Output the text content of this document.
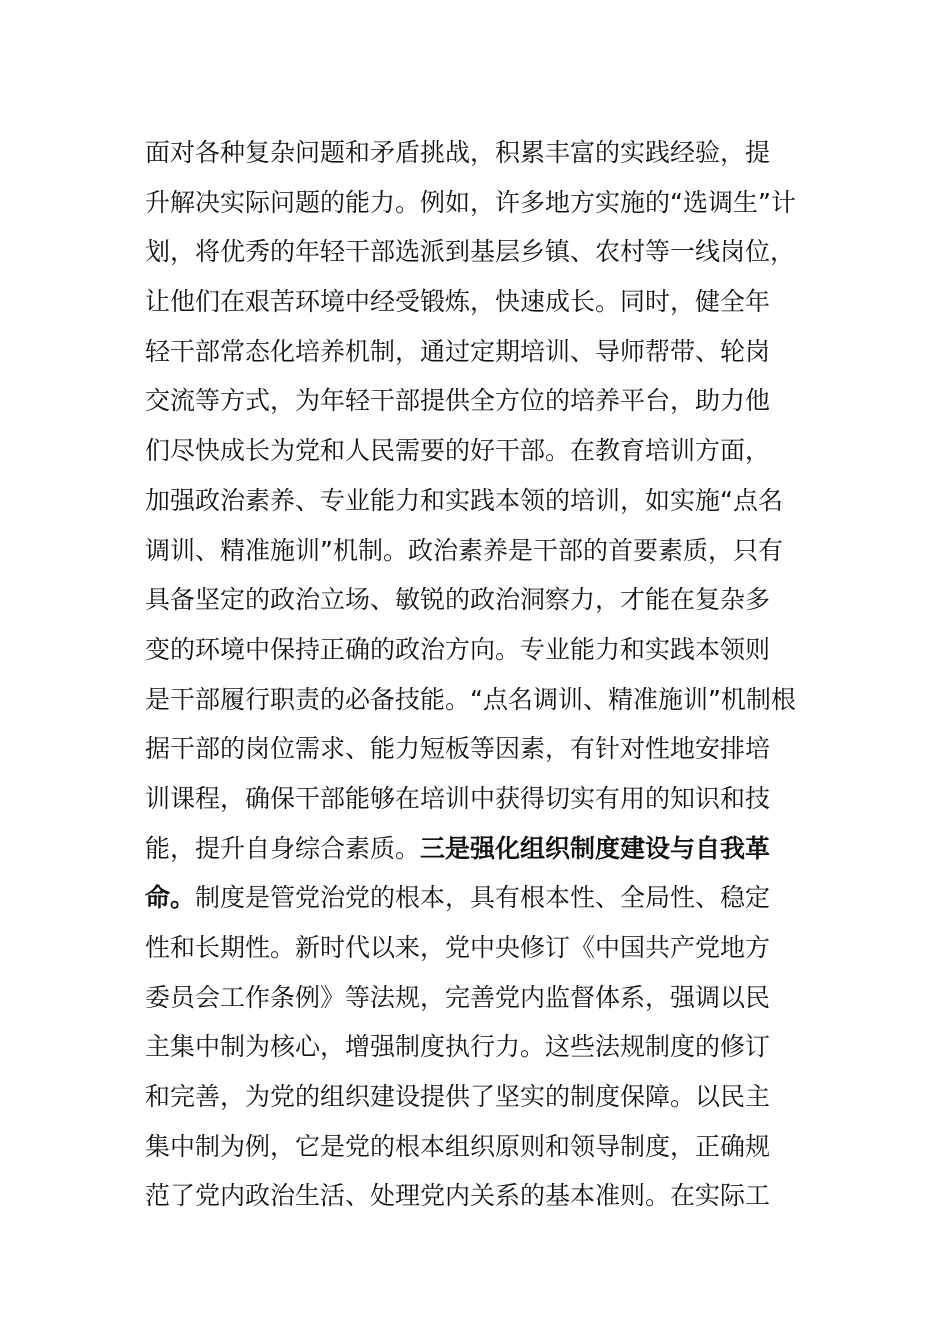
面对各种复杂问题和矛盾挑战，积累丰富的实践经验，提
升解决实际问题的能力。例如，许多地方实施的“选调生”计
划，将优秀的年轻干部选派到基层乡镇、农村等一线岗位，
让他们在艰苦环境中经受锻炼，快速成长。同时，健全年
轻干部常态化培养机制，通过定期培训、导师帮带、轮岗
交流等方式，为年轻干部提供全方位的培养平台，助力他
们尽快成长为党和人民需要的好干部。在教育培训方面，
加强政治素养、专业能力和实践本领的培训，如实施“点名
调训、精准施训”机制。政治素养是干部的首要素质，只有
具备坚定的政治立场、敏锐的政治洞察力，才能在复杂多
变的环境中保持正确的政治方向。专业能力和实践本领则
是干部履行职责的必备技能。“点名调训、精准施训”机制根
据干部的岗位需求、能力短板等因素，有针对性地安排培
训课程，确保干部能够在培训中获得切实有用的知识和技
能，提升自身综合素质。三是强化组织制度建设与自我革
命。制度是管党治党的根本，具有根本性、全局性、稳定
性和长期性。新时代以来，党中央修订《中国共产党地方
委员会工作条例》等法规，完善党内监督体系，强调以民
主集中制为核心，增强制度执行力。这些法规制度的修订
和完善，为党的组织建设提供了坚实的制度保障。以民主
集中制为例，它是党的根本组织原则和领导制度，正确规
范了党内政治生活、处理党内关系的基本准则。在实际工
